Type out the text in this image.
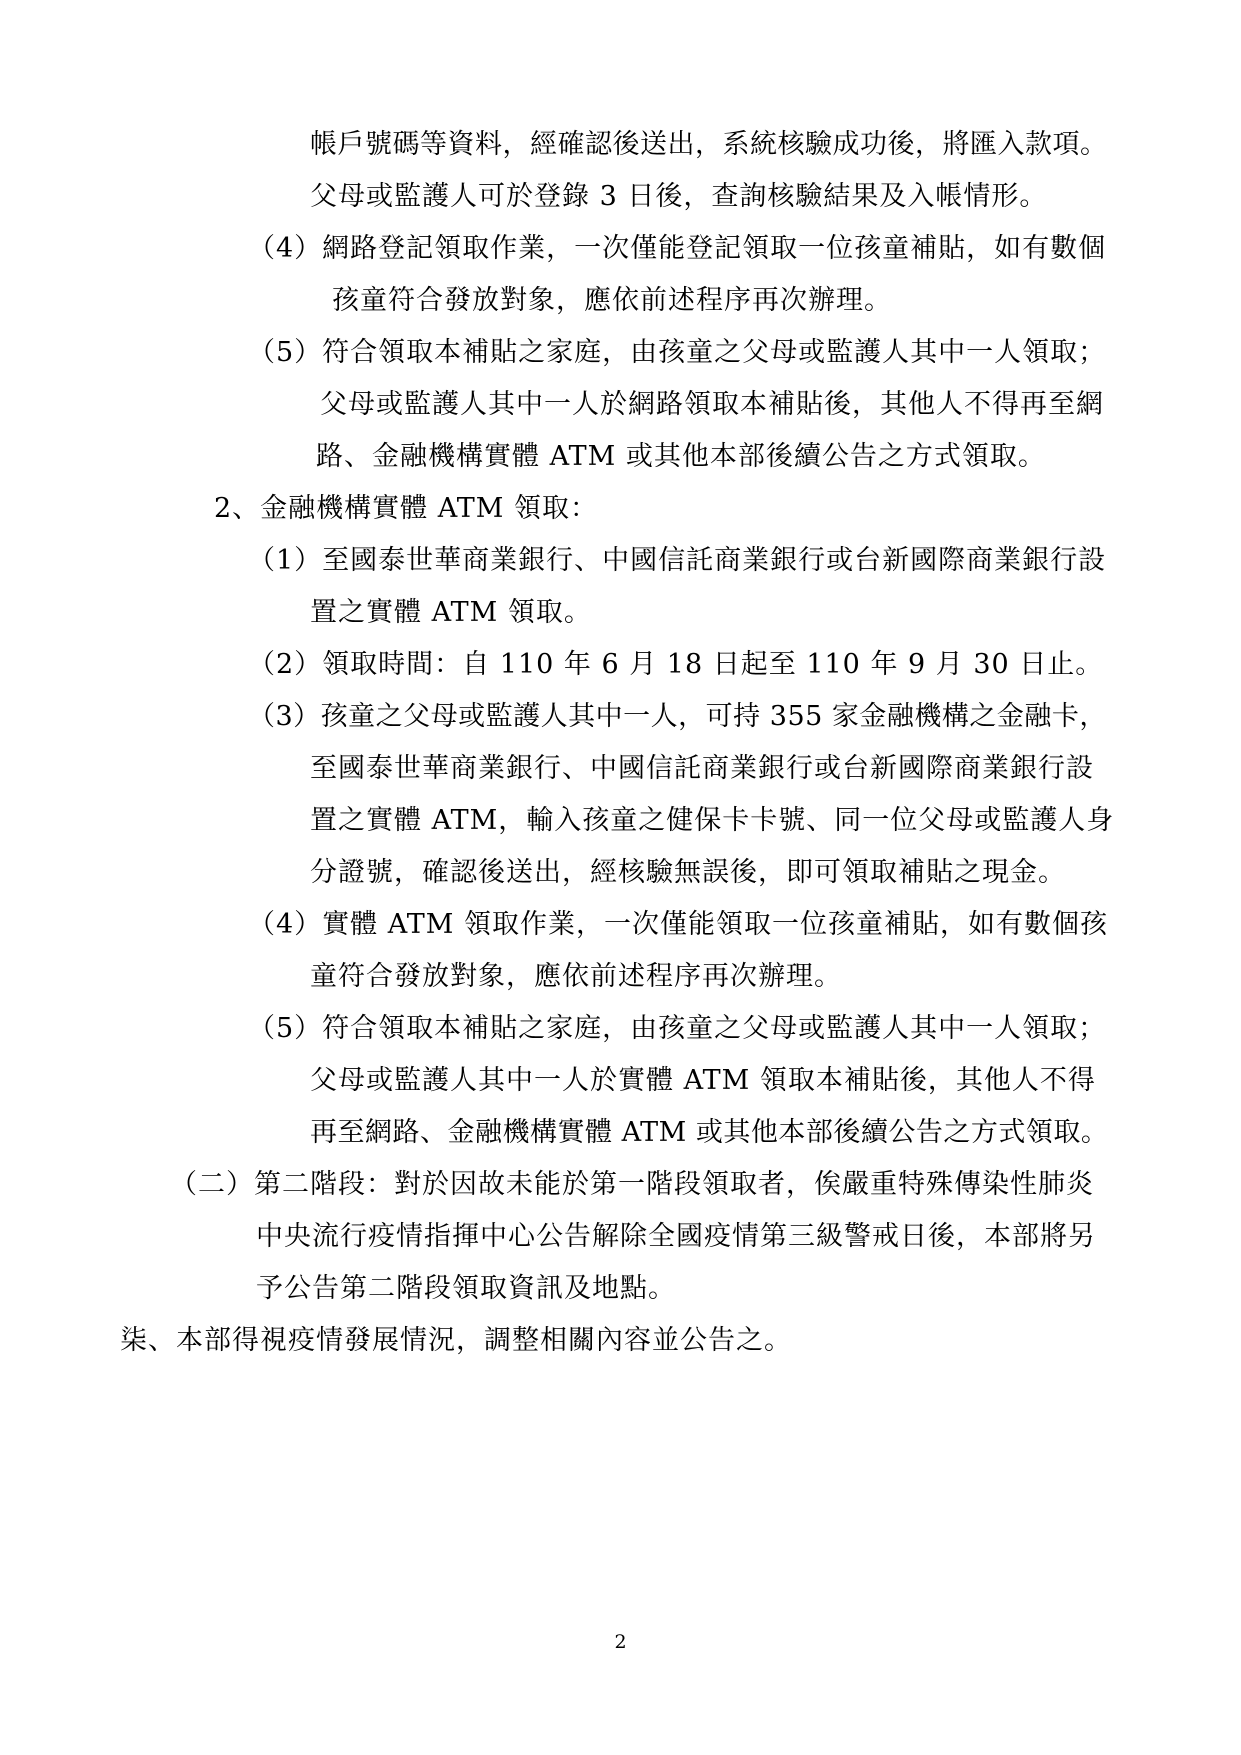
帳戶號碼等資料，經確認後送出，系統核驗成功後，將匯入款項。
父母或監護人可於登錄 3 日後，查詢核驗結果及入帳情形。
（4）網路登記領取作業，一次僅能登記領取一位孩童補貼，如有數個
孩童符合發放對象，應依前述程序再次辦理。
（5）符合領取本補貼之家庭，由孩童之父母或監護人其中一人領取；
父母或監護人其中一人於網路領取本補貼後，其他人不得再至網
路、金融機構實體 ATM 或其他本部後續公告之方式領取。
2、金融機構實體 ATM 領取：
（1）至國泰世華商業銀行、中國信託商業銀行或台新國際商業銀行設
置之實體 ATM 領取。
（2）領取時間：自 110 年 6 月 18 日起至 110 年 9 月 30 日止。
（3）孩童之父母或監護人其中一人，可持 355 家金融機構之金融卡，
至國泰世華商業銀行、中國信託商業銀行或台新國際商業銀行設
置之實體 ATM，輸入孩童之健保卡卡號、同一位父母或監護人身
分證號，確認後送出，經核驗無誤後，即可領取補貼之現金。
（4）實體 ATM 領取作業，一次僅能領取一位孩童補貼，如有數個孩
童符合發放對象，應依前述程序再次辦理。
（5）符合領取本補貼之家庭，由孩童之父母或監護人其中一人領取；
父母或監護人其中一人於實體 ATM 領取本補貼後，其他人不得
再至網路、金融機構實體 ATM 或其他本部後續公告之方式領取。
（二）第二階段：對於因故未能於第一階段領取者，俟嚴重特殊傳染性肺炎
中央流行疫情指揮中心公告解除全國疫情第三級警戒日後，本部將另
予公告第二階段領取資訊及地點。
柒、本部得視疫情發展情況，調整相關內容並公告之。
2
